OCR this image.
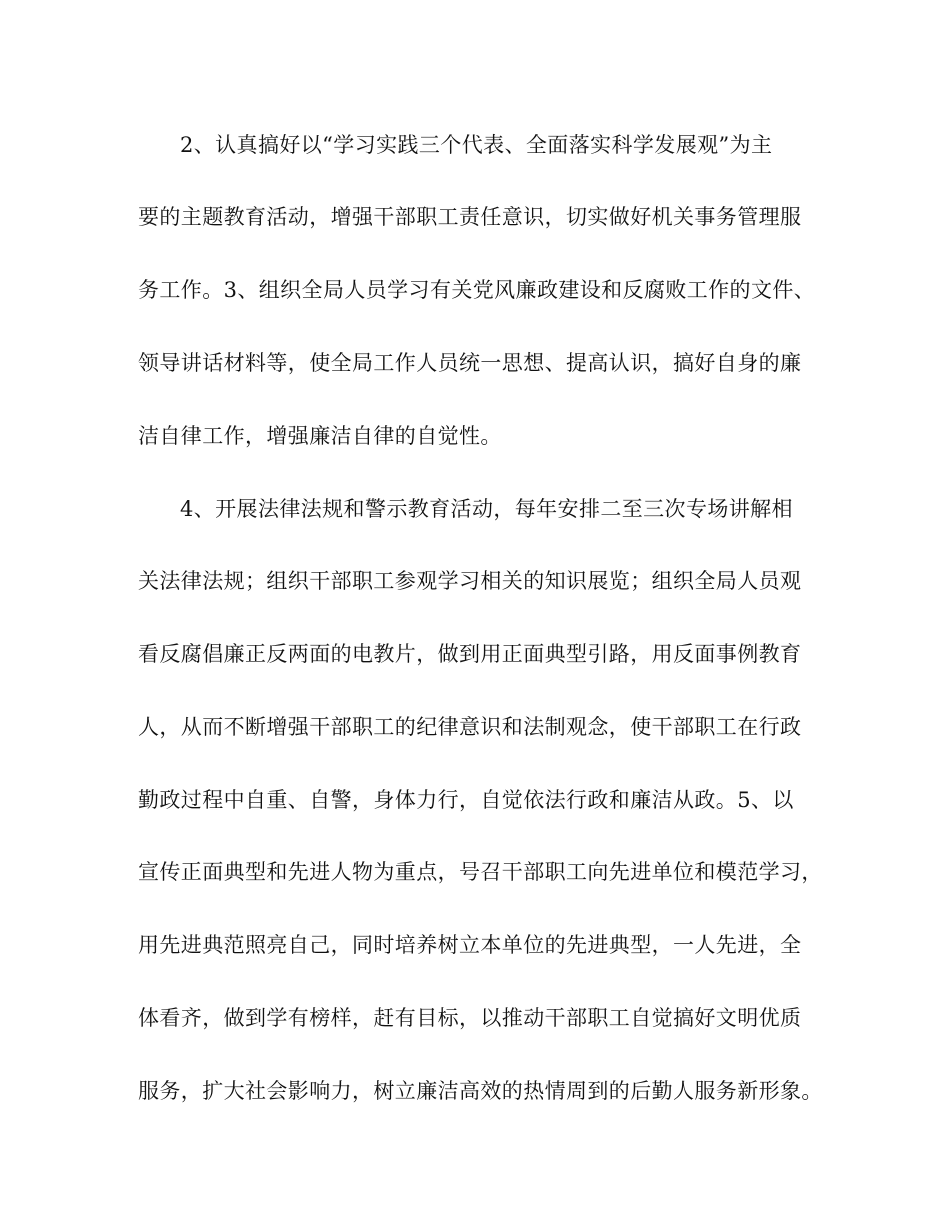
2、认真搞好以“学习实践三个代表、全面落实科学发展观”为主
要的主题教育活动，增强干部职工责任意识，切实做好机关事务管理服
务工作。3、组织全局人员学习有关党风廉政建设和反腐败工作的文件、
领导讲话材料等，使全局工作人员统一思想、提高认识，搞好自身的廉
洁自律工作，增强廉洁自律的自觉性。
4、开展法律法规和警示教育活动，每年安排二至三次专场讲解相
关法律法规；组织干部职工参观学习相关的知识展览；组织全局人员观
看反腐倡廉正反两面的电教片，做到用正面典型引路，用反面事例教育
人，从而不断增强干部职工的纪律意识和法制观念，使干部职工在行政
勤政过程中自重、自警，身体力行，自觉依法行政和廉洁从政。5、以
宣传正面典型和先进人物为重点，号召干部职工向先进单位和模范学习，
用先进典范照亮自己，同时培养树立本单位的先进典型，一人先进，全
体看齐，做到学有榜样，赶有目标，以推动干部职工自觉搞好文明优质
服务，扩大社会影响力，树立廉洁高效的热情周到的后勤人服务新形象。
